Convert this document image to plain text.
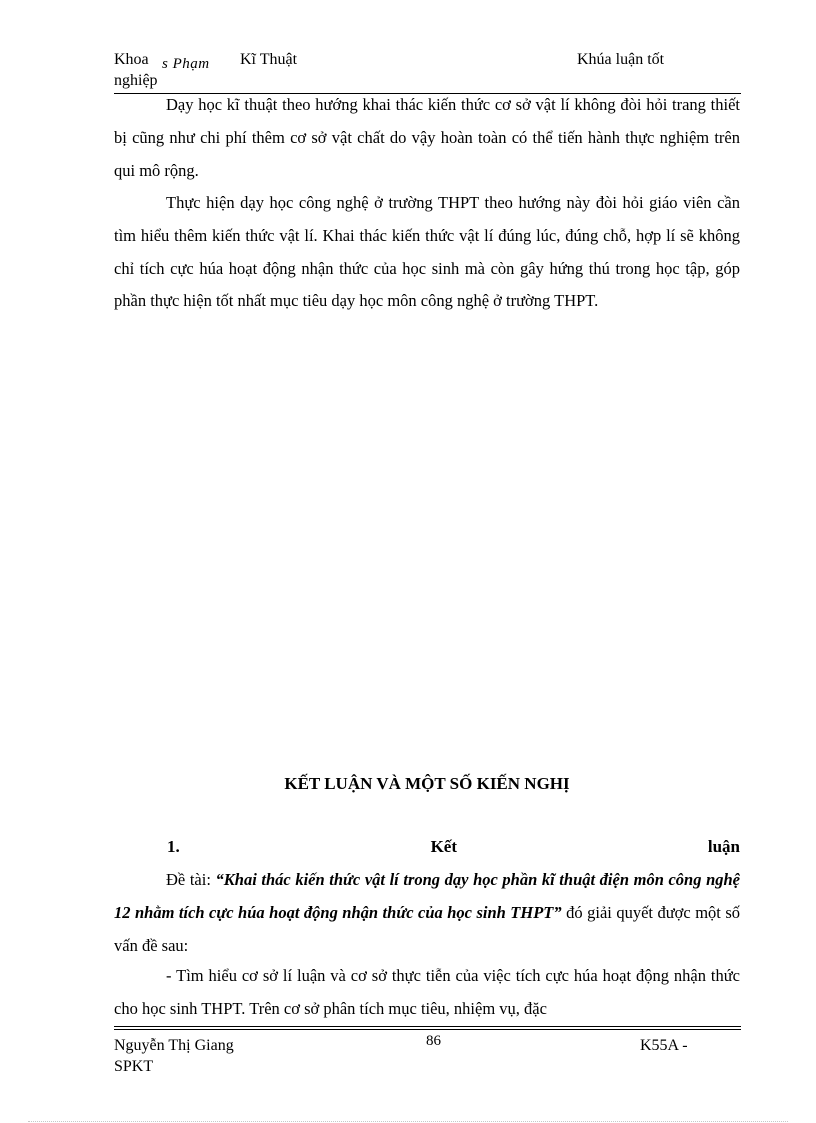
Khoa s Phạm Kĩ Thuật
nghiệp
Khúa luận tốt

Dạy học kĩ thuật theo hướng khai thác kiến thức cơ sở vật lí không đòi hỏi trang thiết bị cũng như chi phí thêm cơ sở vật chất do vậy hoàn toàn có thể tiến hành thực nghiệm trên qui mô rộng.

Thực hiện dạy học công nghệ ở trường THPT theo hướng này đòi hỏi giáo viên cần tìm hiểu thêm kiến thức vật lí. Khai thác kiến thức vật lí đúng lúc, đúng chỗ, hợp lí sẽ không chỉ tích cực húa hoạt động nhận thức của học sinh mà còn gây hứng thú trong học tập, góp phần thực hiện tốt nhất mục tiêu dạy học môn công nghệ ở trường THPT.

KẾT LUẬN VÀ MỘT SỐ KIẾN NGHỊ
1.	Kết	luận

Đề tài: “Khai thác kiến thức vật lí trong dạy học phần kĩ thuật điện môn công nghệ 12 nhằm tích cực húa hoạt động nhận thức của học sinh THPT” đó giải quyết được một số vấn đề sau:

- Tìm hiểu cơ sở lí luận và cơ sở thực tiễn của việc tích cực húa hoạt động nhận thức cho học sinh THPT. Trên cơ sở phân tích mục tiêu, nhiệm vụ, đặc

Nguyễn Thị Giang
SPKT
86	K55A -
